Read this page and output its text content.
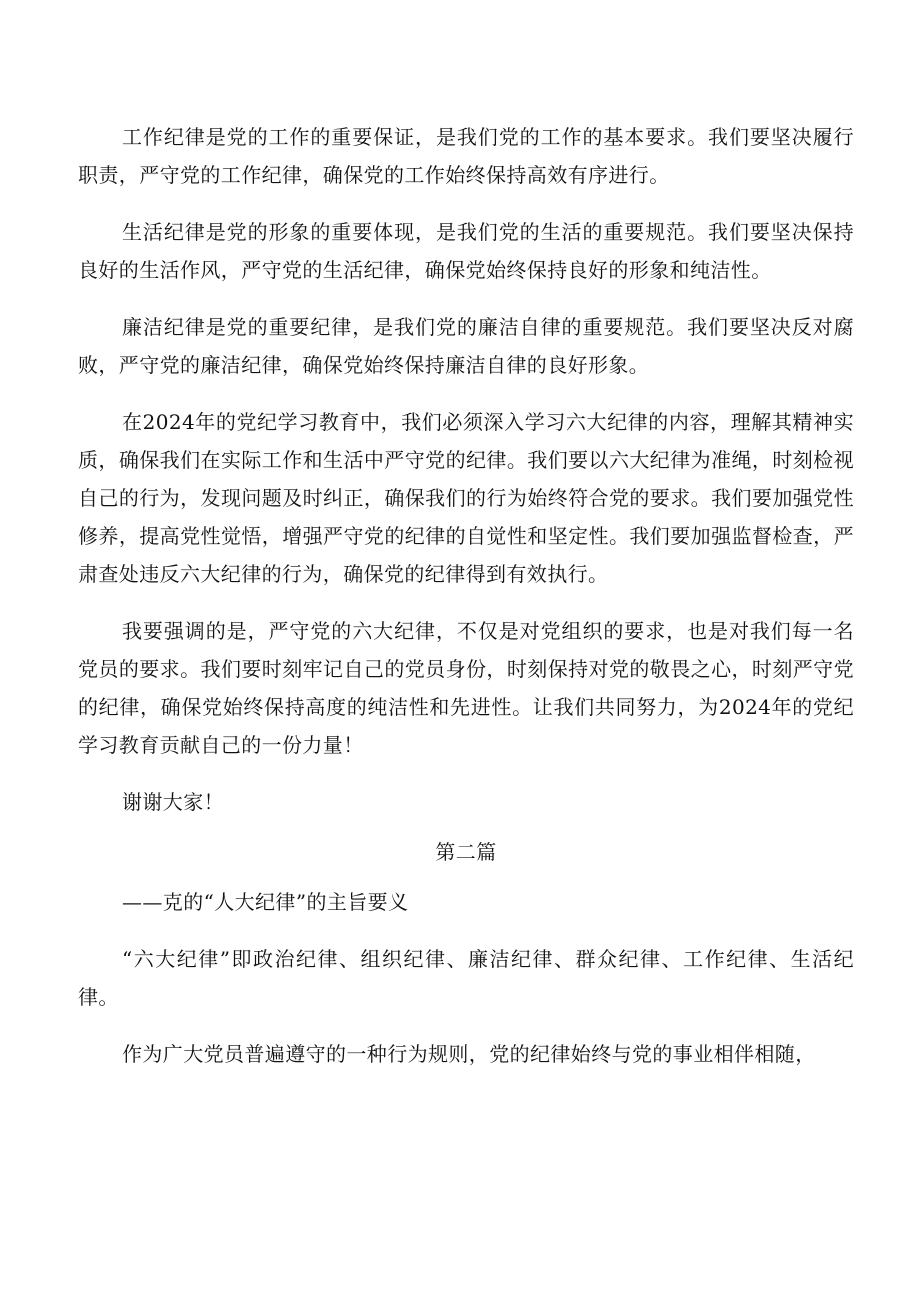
工作纪律是党的工作的重要保证，是我们党的工作的基本要求。我们要坚决履行职责，严守党的工作纪律，确保党的工作始终保持高效有序进行。

生活纪律是党的形象的重要体现，是我们党的生活的重要规范。我们要坚决保持良好的生活作风，严守党的生活纪律，确保党始终保持良好的形象和纯洁性。

廉洁纪律是党的重要纪律，是我们党的廉洁自律的重要规范。我们要坚决反对腐败，严守党的廉洁纪律，确保党始终保持廉洁自律的良好形象。

在2024年的党纪学习教育中，我们必须深入学习六大纪律的内容，理解其精神实质，确保我们在实际工作和生活中严守党的纪律。我们要以六大纪律为准绳，时刻检视自己的行为，发现问题及时纠正，确保我们的行为始终符合党的要求。我们要加强党性修养，提高党性觉悟，增强严守党的纪律的自觉性和坚定性。我们要加强监督检查，严肃查处违反六大纪律的行为，确保党的纪律得到有效执行。

我要强调的是，严守党的六大纪律，不仅是对党组织的要求，也是对我们每一名党员的要求。我们要时刻牢记自己的党员身份，时刻保持对党的敬畏之心，时刻严守党的纪律，确保党始终保持高度的纯洁性和先进性。让我们共同努力，为2024年的党纪学习教育贡献自己的一份力量！

谢谢大家！

第二篇

——克的“人大纪律”的主旨要义

“六大纪律”即政治纪律、组织纪律、廉洁纪律、群众纪律、工作纪律、生活纪律。

作为广大党员普遍遵守的一种行为规则，党的纪律始终与党的事业相伴相随，
